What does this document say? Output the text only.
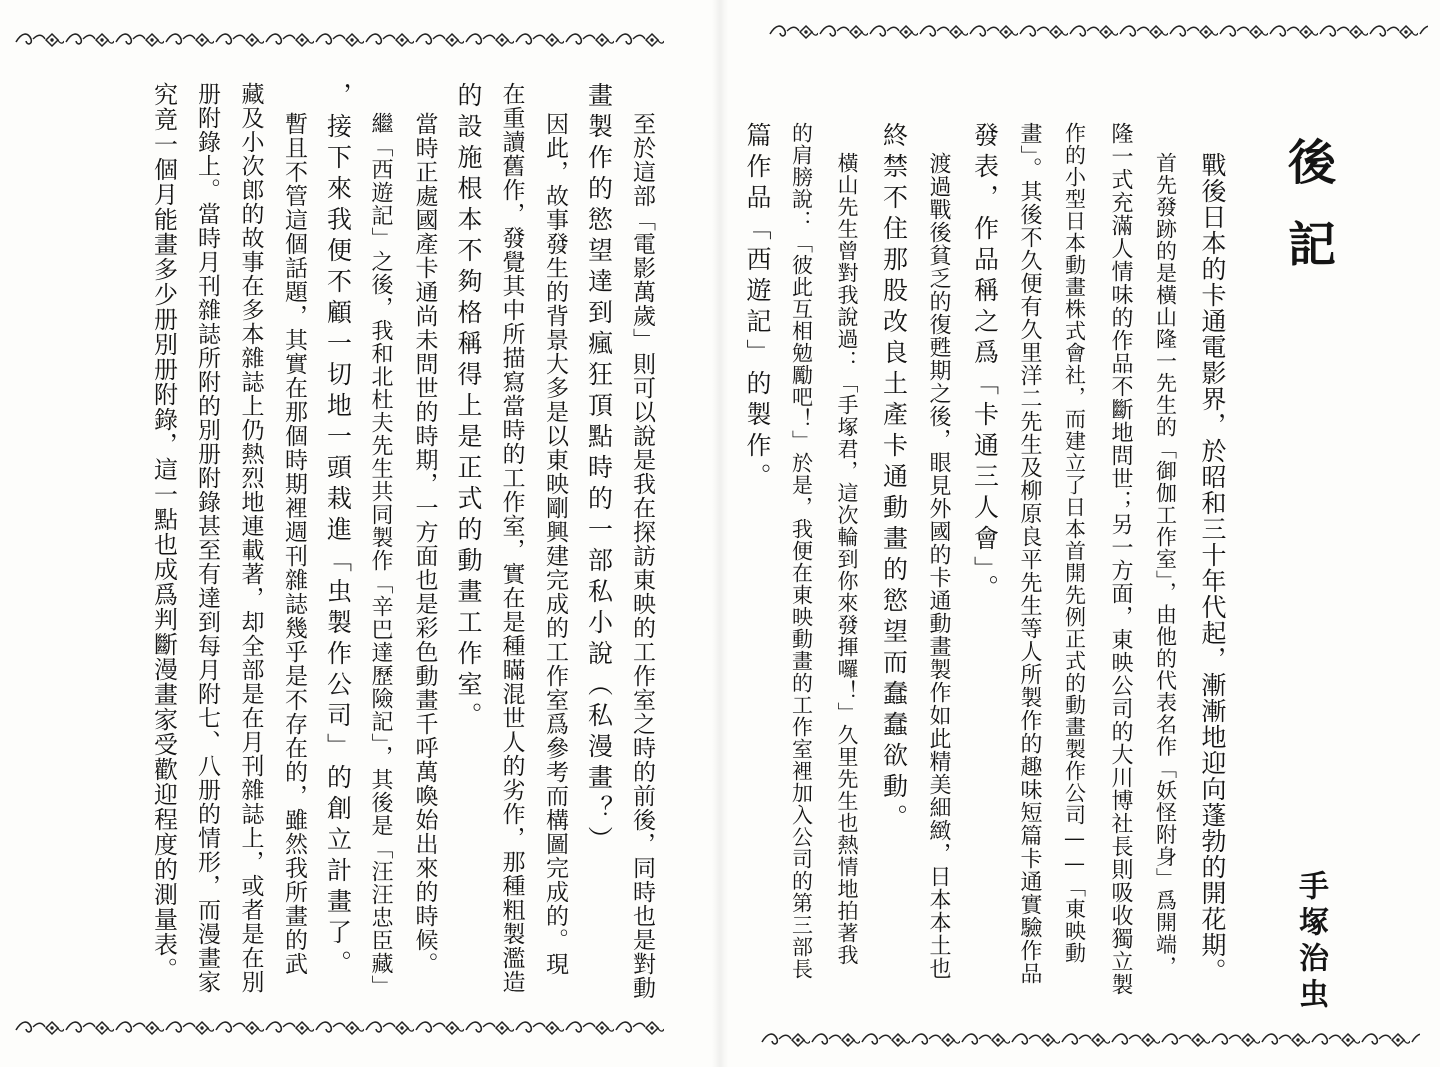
至於這部「電影萬歲」則可以說是我在探訪東映的工作室之時的前後，同時也是對動
畫製作的慾望達到瘋狂頂點時的一部私小說（私漫畫？）
因此，故事發生的背景大多是以東映剛興建完成的工作室爲參考而構圖完成的。現
在重讀舊作，發覺其中所描寫當時的工作室，實在是種瞞混世人的劣作，那種粗製濫造
的設施根本不夠格稱得上是正式的動畫工作室。
當時正處國產卡通尚未問世的時期，一方面也是彩色動畫千呼萬喚始出來的時候。
繼「西遊記」之後，我和北杜夫先生共同製作「辛巴達歷險記」，其後是「汪汪忠臣藏」
，接下來我便不顧一切地一頭栽進「虫製作公司」的創立計畫了。
暫且不管這個話題，其實在那個時期裡週刊雜誌幾乎是不存在的，雖然我所畫的武
藏及小次郎的故事在多本雜誌上仍熱烈地連載著，却全部是在月刊雜誌上，或者是在別
册附錄上。當時月刊雜誌所附的別册附錄甚至有達到每月附七、八册的情形，而漫畫家
究竟一個月能畫多少册別册附錄，這一點也成爲判斷漫畫家受歡迎程度的測量表。	後
記
手塚治虫
戰後日本的卡通電影界，於昭和三十年代起，漸漸地迎向蓬勃的開花期。
首先發跡的是橫山隆一先生的「御伽工作室」，由他的代表名作「妖怪附身」爲開端，
隆一式充滿人情味的作品不斷地問世；另一方面，東映公司的大川博社長則吸收獨立製
作的小型日本動畫株式會社，而建立了日本首開先例正式的動畫製作公司——「東映動
畫」。其後不久便有久里洋二先生及柳原良平先生等人所製作的趣味短篇卡通實驗作品
發表，作品稱之爲「卡通三人會」。
渡過戰後貧乏的復甦期之後，眼見外國的卡通動畫製作如此精美細緻，日本本土也
終禁不住那股改良土產卡通動畫的慾望而蠢蠢欲動。
橫山先生曾對我說過：「手塚君，這次輪到你來發揮囉！」久里先生也熱情地拍著我
的肩膀說：「彼此互相勉勵吧！」於是，我便在東映動畫的工作室裡加入公司的第三部長
篇作品「西遊記」的製作。
